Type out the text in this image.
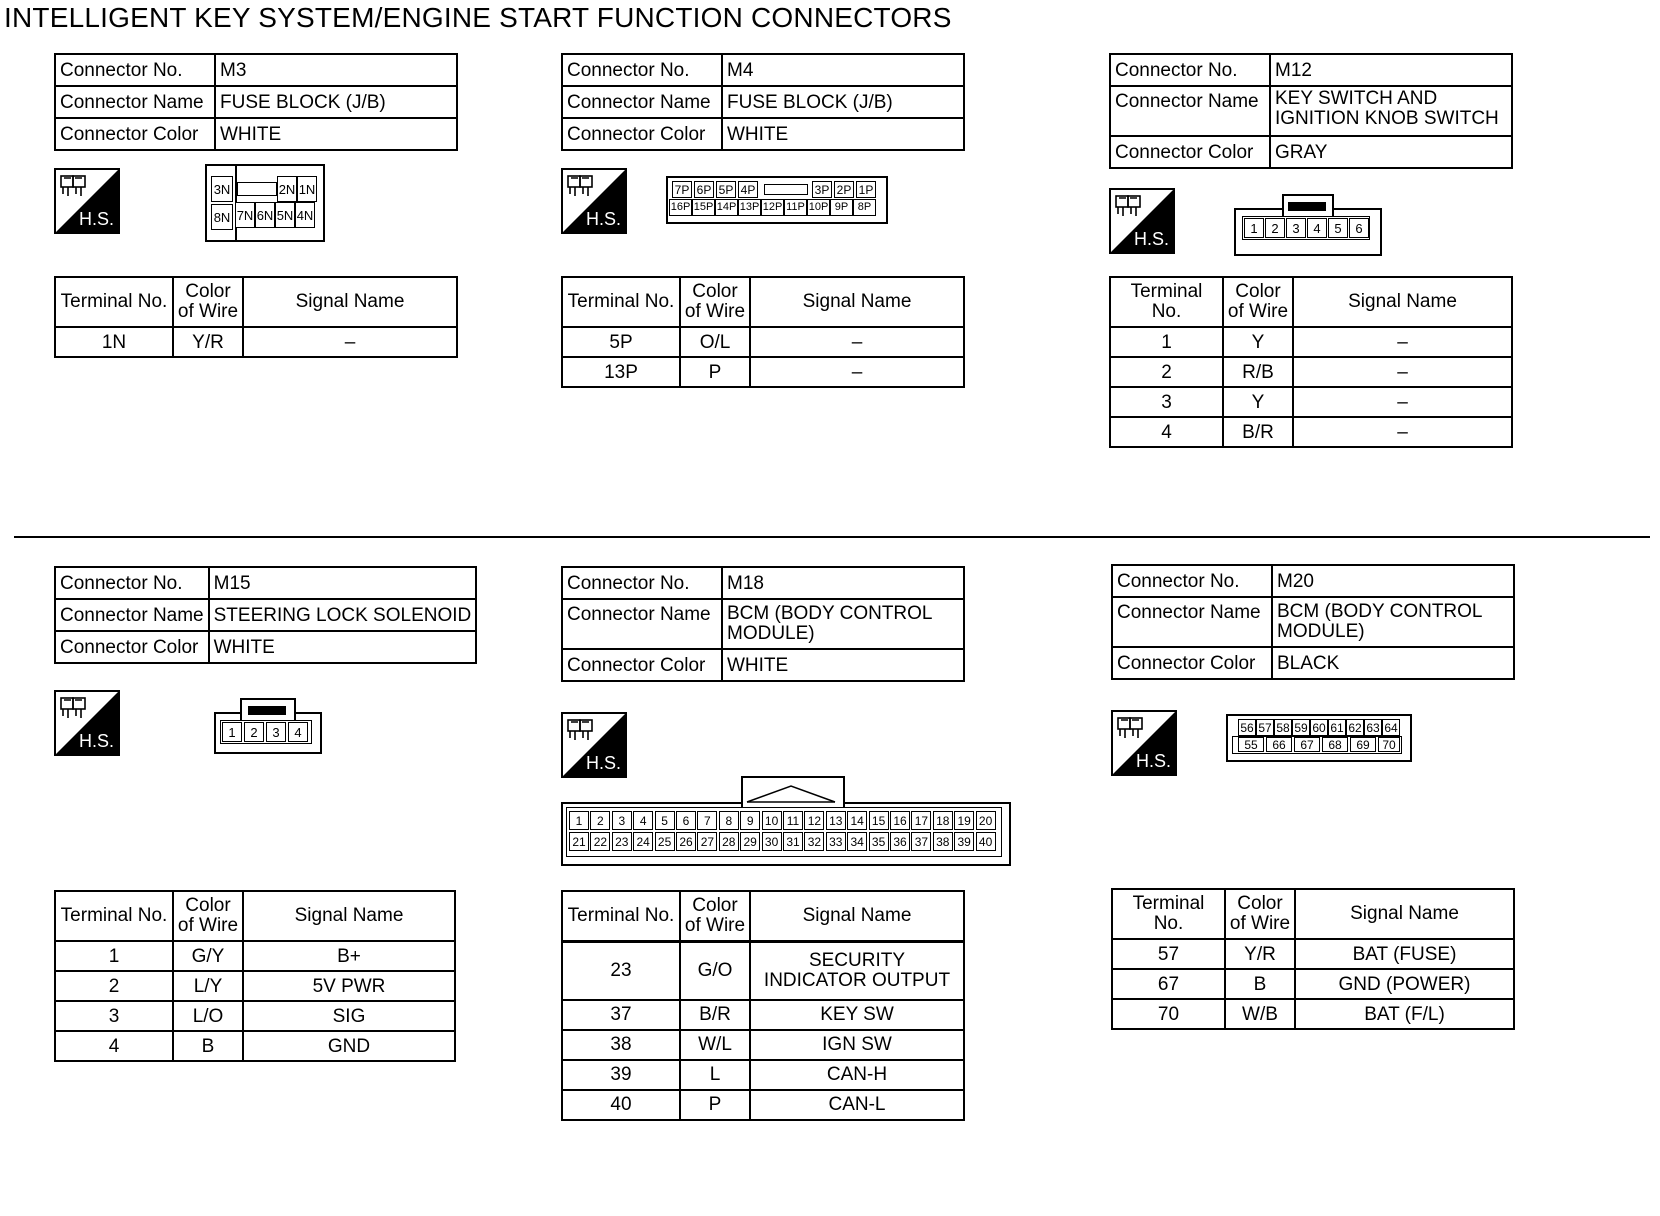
INTELLIGENT KEY SYSTEM/ENGINE START FUNCTION CONNECTORS
Connector No.	M3
Connector Name	FUSE BLOCK (J/B)
Connector Color	WHITE
H.S.
3N	2N 1N
8N 7N 6N 5N 4N
Terminal No.	Color of Wire	Signal Name
1N	Y/R	–
Connector No.	M4
Connector Name	FUSE BLOCK (J/B)
Connector Color	WHITE
H.S.
7P 6P 5P 4P	3P 2P 1P
16P 15P 14P 13P 12P 11P 10P 9P 8P
Terminal No.	Color of Wire	Signal Name
5P	O/L	–
13P	P	–
Connector No.	M12
Connector Name	KEY SWITCH AND IGNITION KNOB SWITCH
Connector Color	GRAY
H.S.
1	2	3	4	5	6
Terminal No.	Color of Wire	Signal Name
1	Y	–
2	R/B	–
3	Y	–
4	B/R	–
Connector No.	M15
Connector Name	STEERING LOCK SOLENOID
Connector Color	WHITE
H.S.	1	2	3	4
Terminal No.	Color of Wire	Signal Name
1	G/Y	B+
2	L/Y	5V PWR
3	L/O	SIG
4	B	GND
Connector No.	M18
Connector Name	BCM (BODY CONTROL MODULE)
Connector Color	WHITE
H.S.
1	2	3	4	5	6	7	8	9 10 11 12 13 14 15 16 17 18 19 20
21 22 23 24 25 26 27 28 29 30 31 32 33 34 35 36 37 38 39 40
Terminal No.	Color of Wire	Signal Name
23	G/O	SECURITY INDICATOR OUTPUT
37	B/R	KEY SW
38	W/L	IGN SW
39	L	CAN-H
40	P	CAN-L
Connector No.	M20
Connector Name	BCM (BODY CONTROL MODULE)
Connector Color	BLACK
H.S.
56 57 58 59 60 61 62 63 64
55	66	67	68	69	70
Terminal No.	Color of Wire	Signal Name
57	Y/R	BAT (FUSE)
67	B	GND (POWER)
70	W/B	BAT (F/L)
